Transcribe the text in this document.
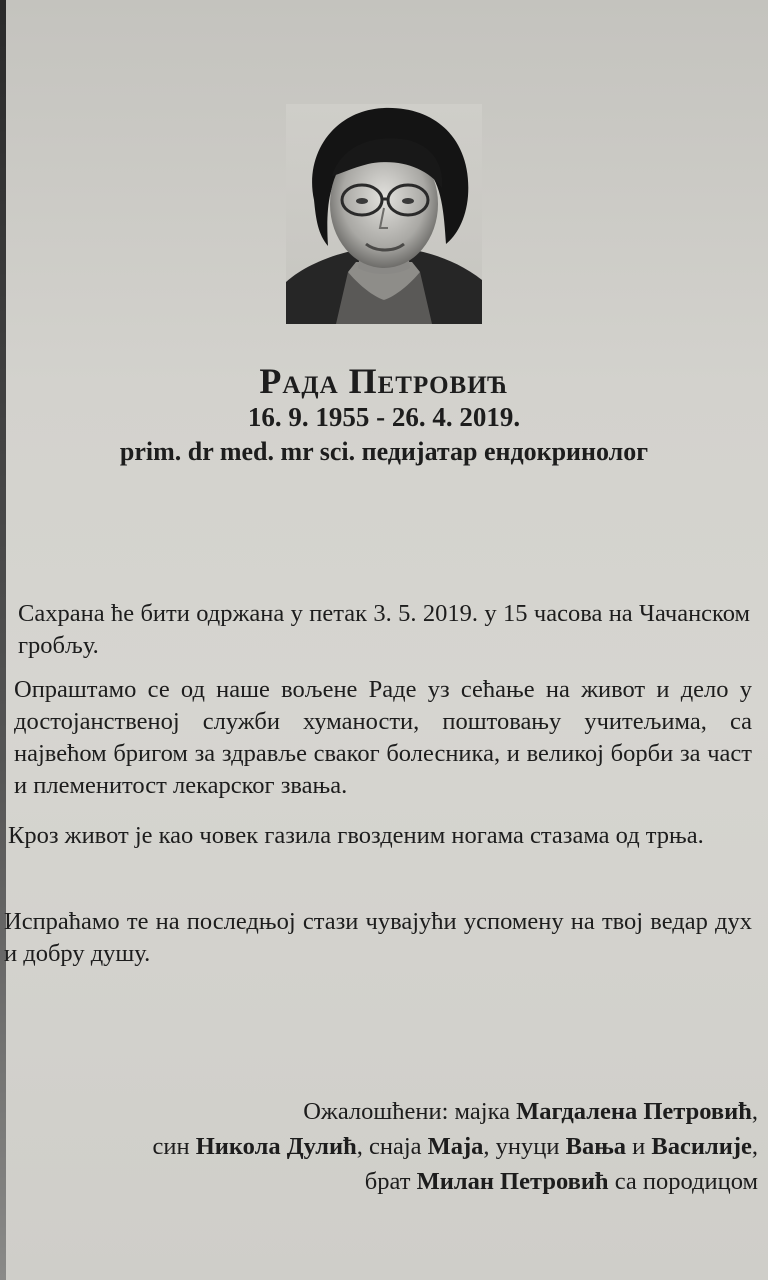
Рада Петровић
16. 9. 1955 - 26. 4. 2019.
prim. dr med. mr sci. педијатар ендокринолог
Сахрана ће бити одржана у петак 3. 5. 2019. у 15 часова на Чачанском гробљу.
Опраштамо се од наше вољене Раде уз сећање на живот и дело у достојанственој служби хуманости, поштовању учитељима, са највећом бригом за здравље сваког болесника, и великој борби за част и племенитост лекарског звања.
Кроз живот је као човек газила гвозденим ногама стазама од трња.
Испраћамо те на последњој стази чувајући успомену на твој ведар дух и добру душу.
Ожалошћени: мајка Магдалена Петровић,
син Никола Дулић, снаја Маја, унуци Вања и Василије,
брат Милан Петровић са породицом
